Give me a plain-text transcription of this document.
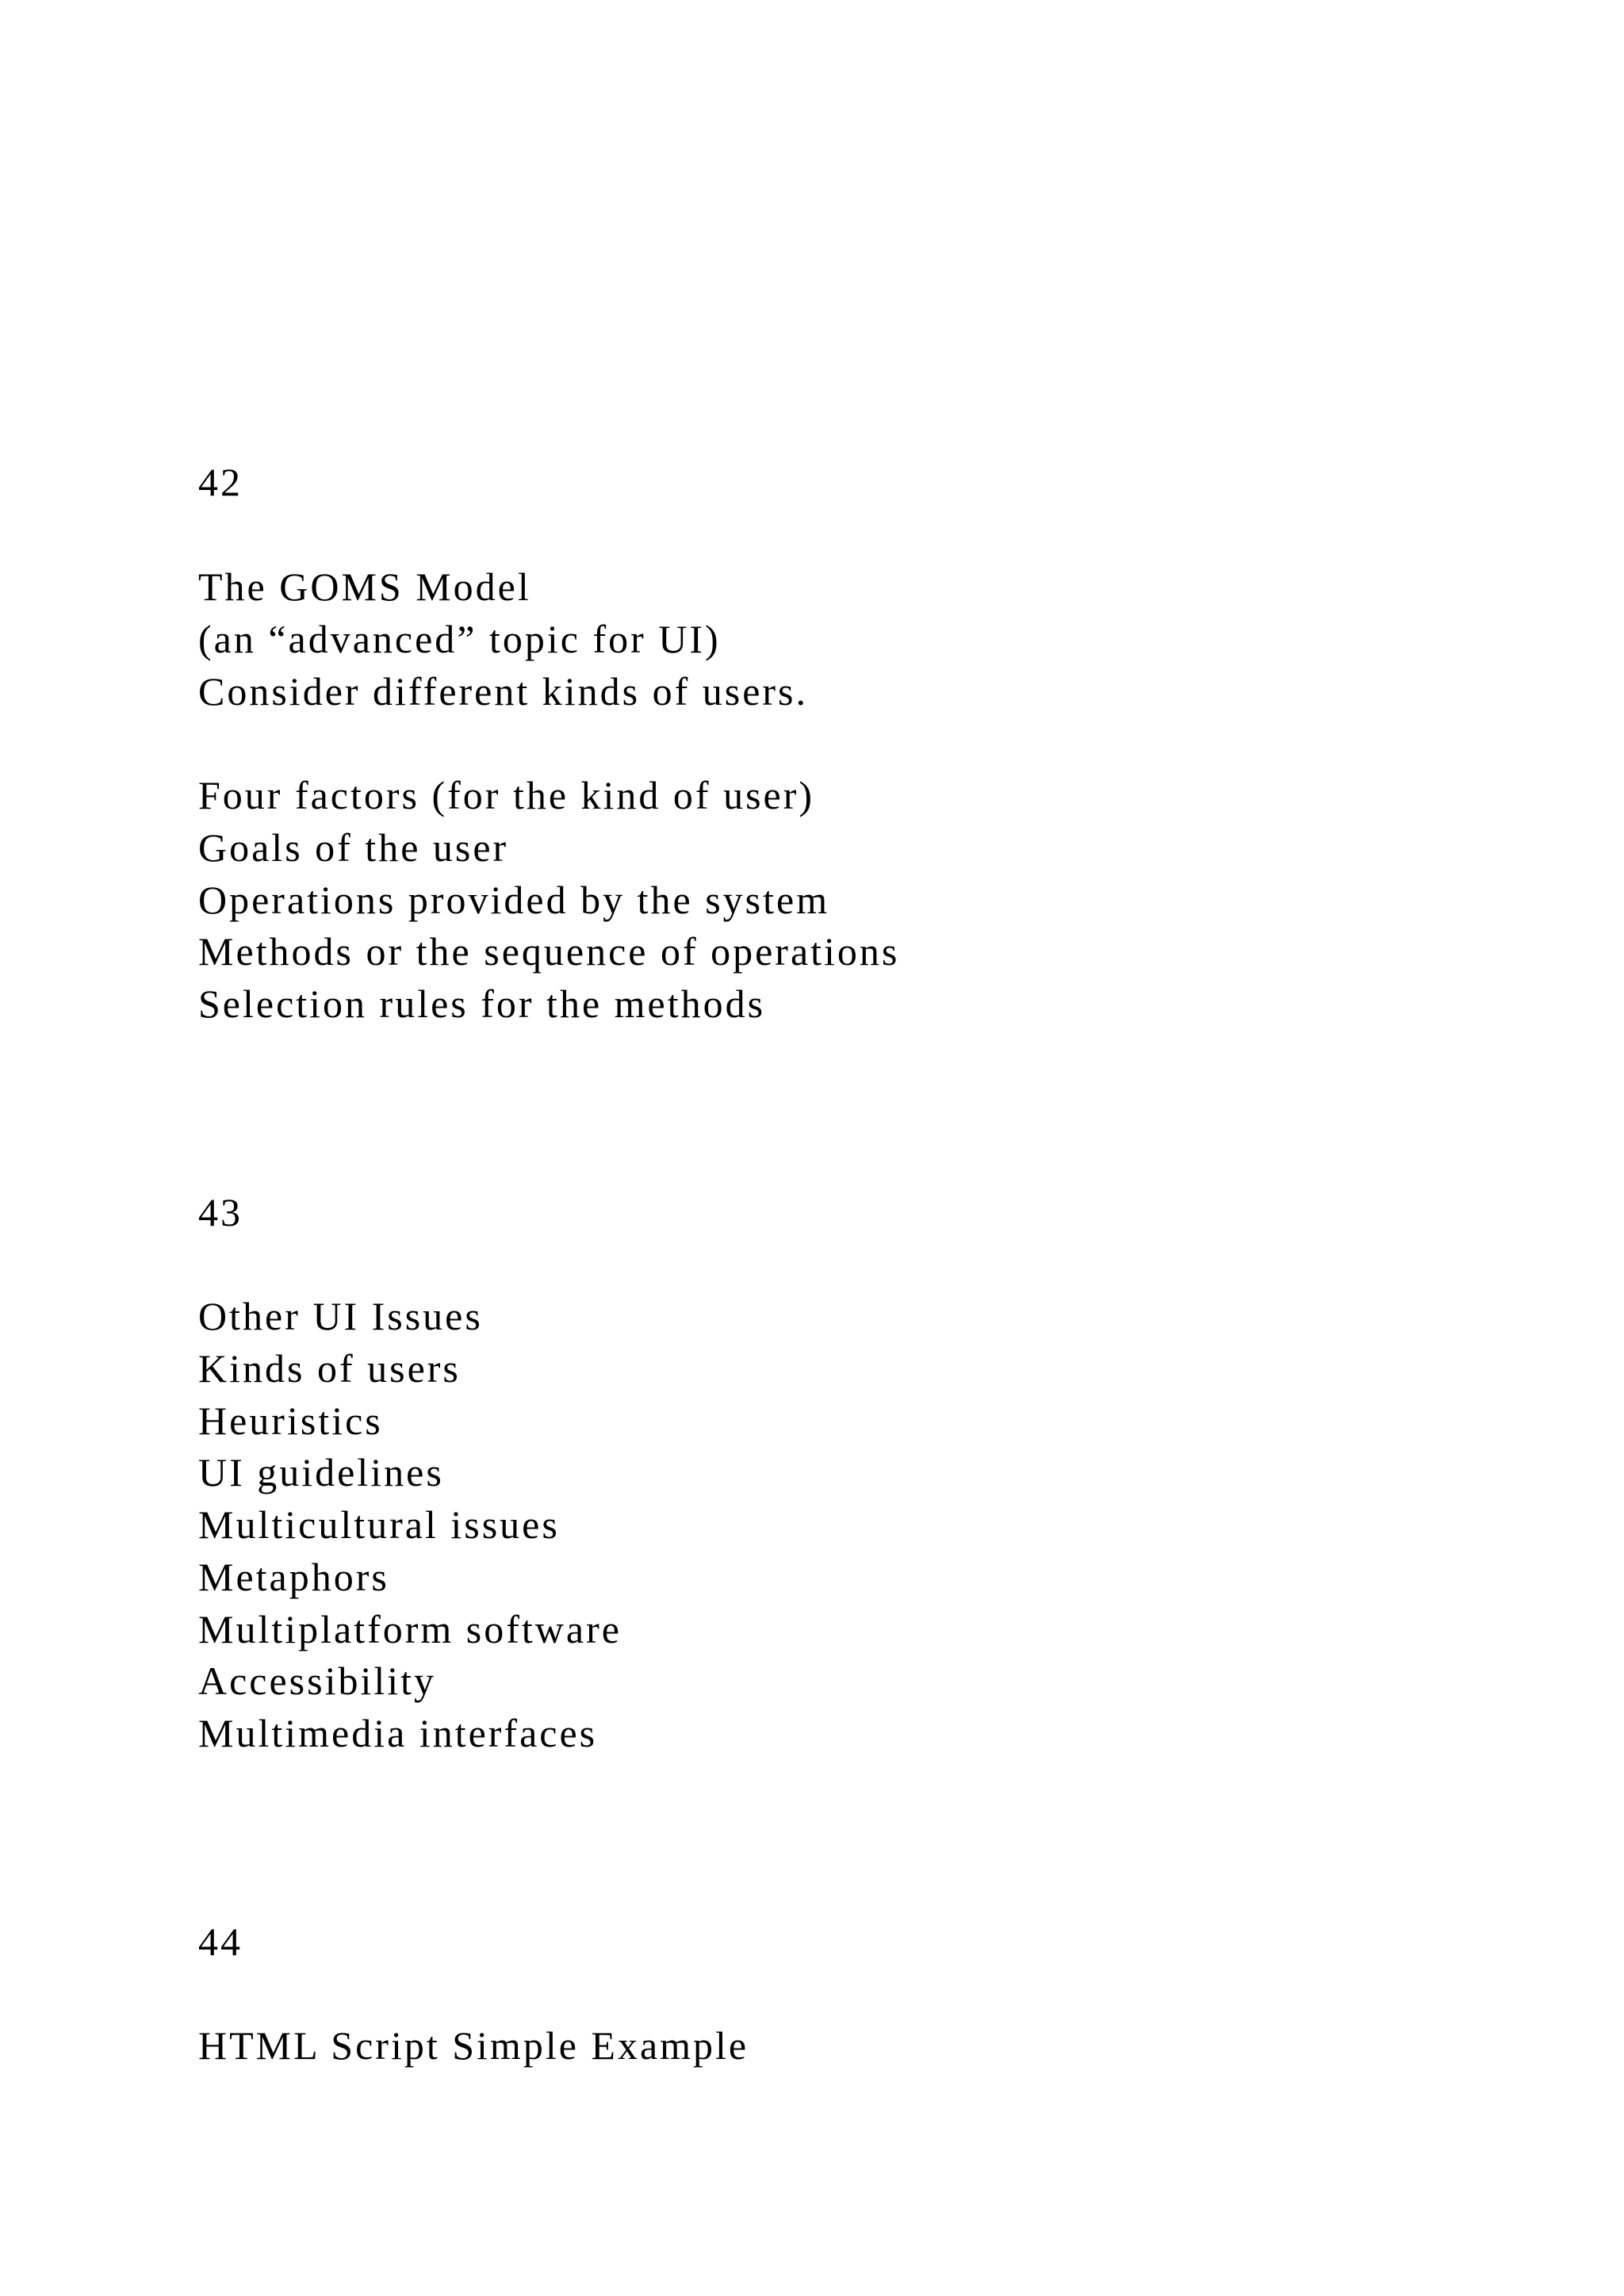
42
The GOMS Model
(an “advanced” topic for UI)
Consider different kinds of users.
Four factors (for the kind of user)
Goals of the user
Operations provided by the system
Methods or the sequence of operations
Selection rules for the methods
43
Other UI Issues
Kinds of users
Heuristics
UI guidelines
Multicultural issues
Metaphors
Multiplatform software
Accessibility
Multimedia interfaces
44
HTML Script Simple Example
